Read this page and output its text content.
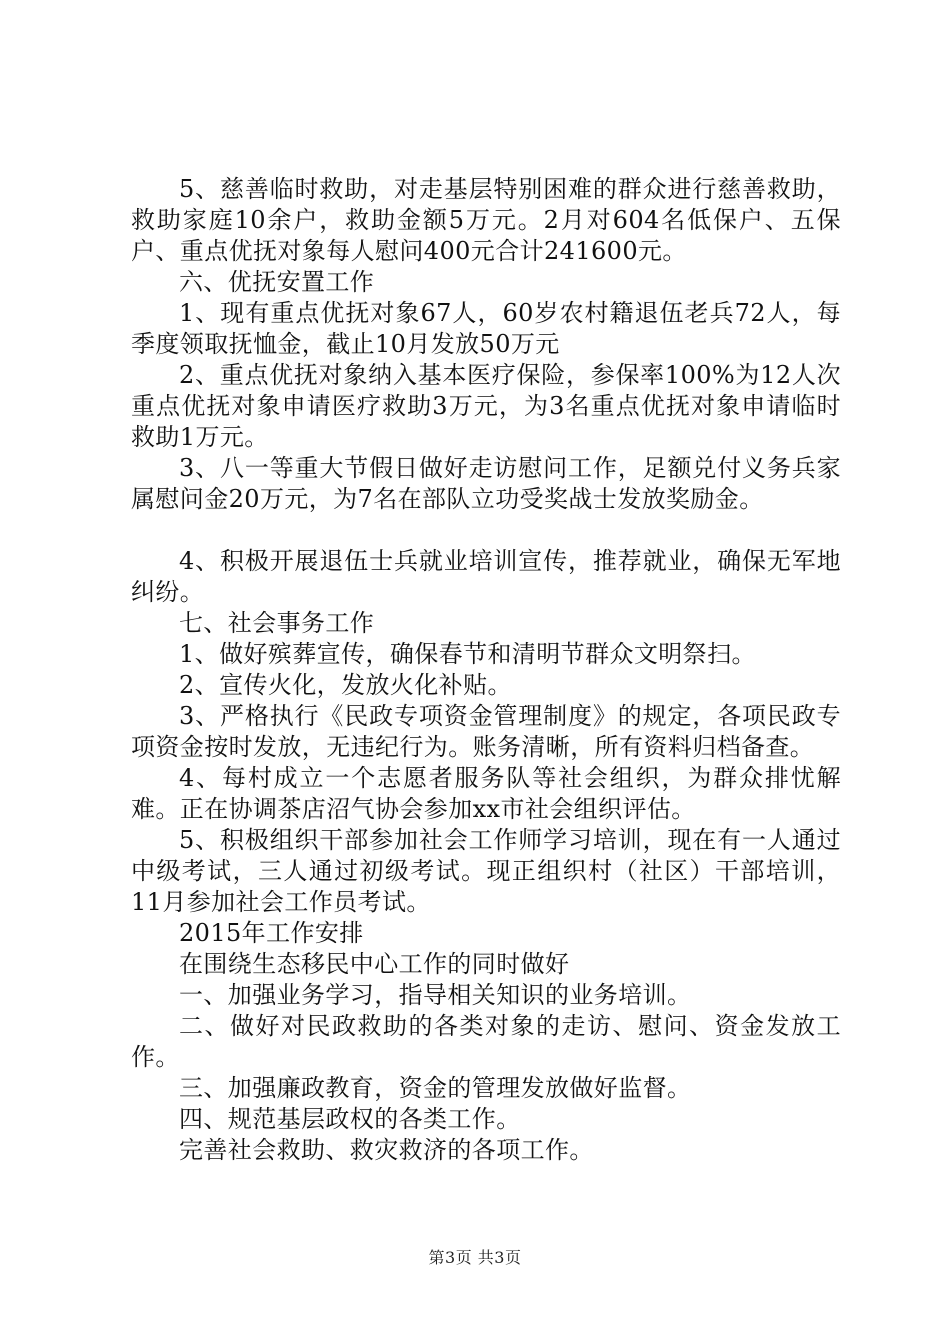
5、慈善临时救助，对走基层特别困难的群众进行慈善救助，救助家庭10余户，救助金额5万元。2月对604名低保户、五保户、重点优抚对象每人慰问400元合计241600元。

六、优抚安置工作

1、现有重点优抚对象67人，60岁农村籍退伍老兵72人，每季度领取抚恤金，截止10月发放50万元

2、重点优抚对象纳入基本医疗保险，参保率100%为12人次重点优抚对象申请医疗救助3万元，为3名重点优抚对象申请临时救助1万元。

3、八一等重大节假日做好走访慰问工作，足额兑付义务兵家属慰问金20万元，为7名在部队立功受奖战士发放奖励金。

4、积极开展退伍士兵就业培训宣传，推荐就业，确保无军地纠纷。

七、社会事务工作

1、做好殡葬宣传，确保春节和清明节群众文明祭扫。

2、宣传火化，发放火化补贴。

3、严格执行《民政专项资金管理制度》的规定，各项民政专项资金按时发放，无违纪行为。账务清晰，所有资料归档备查。

4、每村成立一个志愿者服务队等社会组织，为群众排忧解难。正在协调茶店沼气协会参加xx市社会组织评估。

5、积极组织干部参加社会工作师学习培训，现在有一人通过中级考试，三人通过初级考试。现正组织村（社区）干部培训，11月参加社会工作员考试。

2015年工作安排

在围绕生态移民中心工作的同时做好

一、加强业务学习，指导相关知识的业务培训。

二、做好对民政救助的各类对象的走访、慰问、资金发放工作。

三、加强廉政教育，资金的管理发放做好监督。

四、规范基层政权的各类工作。

完善社会救助、救灾救济的各项工作。

第3页 共3页
